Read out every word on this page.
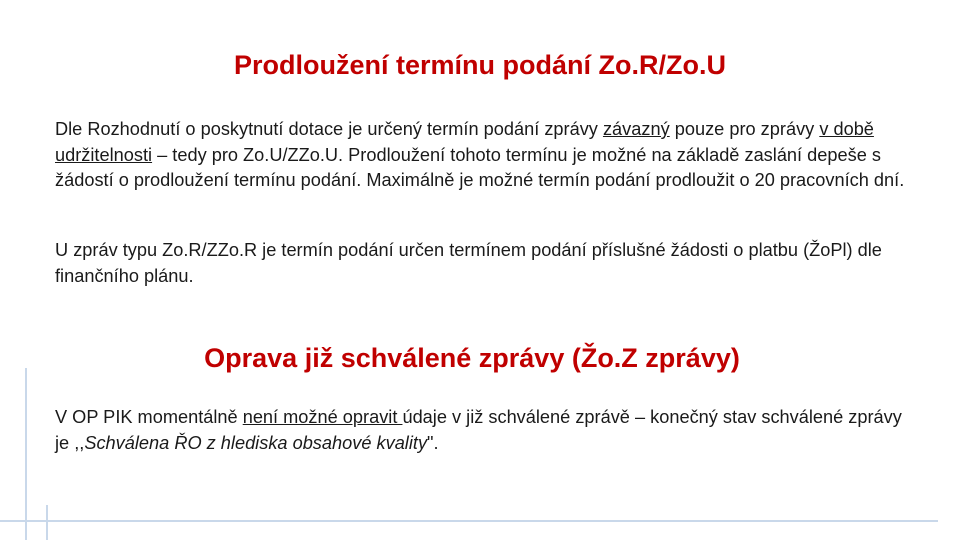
Prodloužení termínu podání Zo.R/Zo.U

Dle Rozhodnutí o poskytnutí dotace je určený termín podání zprávy závazný pouze pro zprávy v době udržitelnosti – tedy pro Zo.U/ZZo.U. Prodloužení tohoto termínu je možné na základě zaslání depeše s žádostí o prodloužení termínu podání. Maximálně je možné termín podání prodloužit o 20 pracovních dní.

U zpráv typu Zo.R/ZZo.R je termín podání určen termínem podání příslušné žádosti o platbu (ŽoPl) dle finančního plánu.

Oprava již schválené zprávy (Žo.Z zprávy)

V OP PIK momentálně není možné opravit údaje v již schválené zprávě – konečný stav schválené zprávy je ,,Schválena ŘO z hlediska obsahové kvality".
